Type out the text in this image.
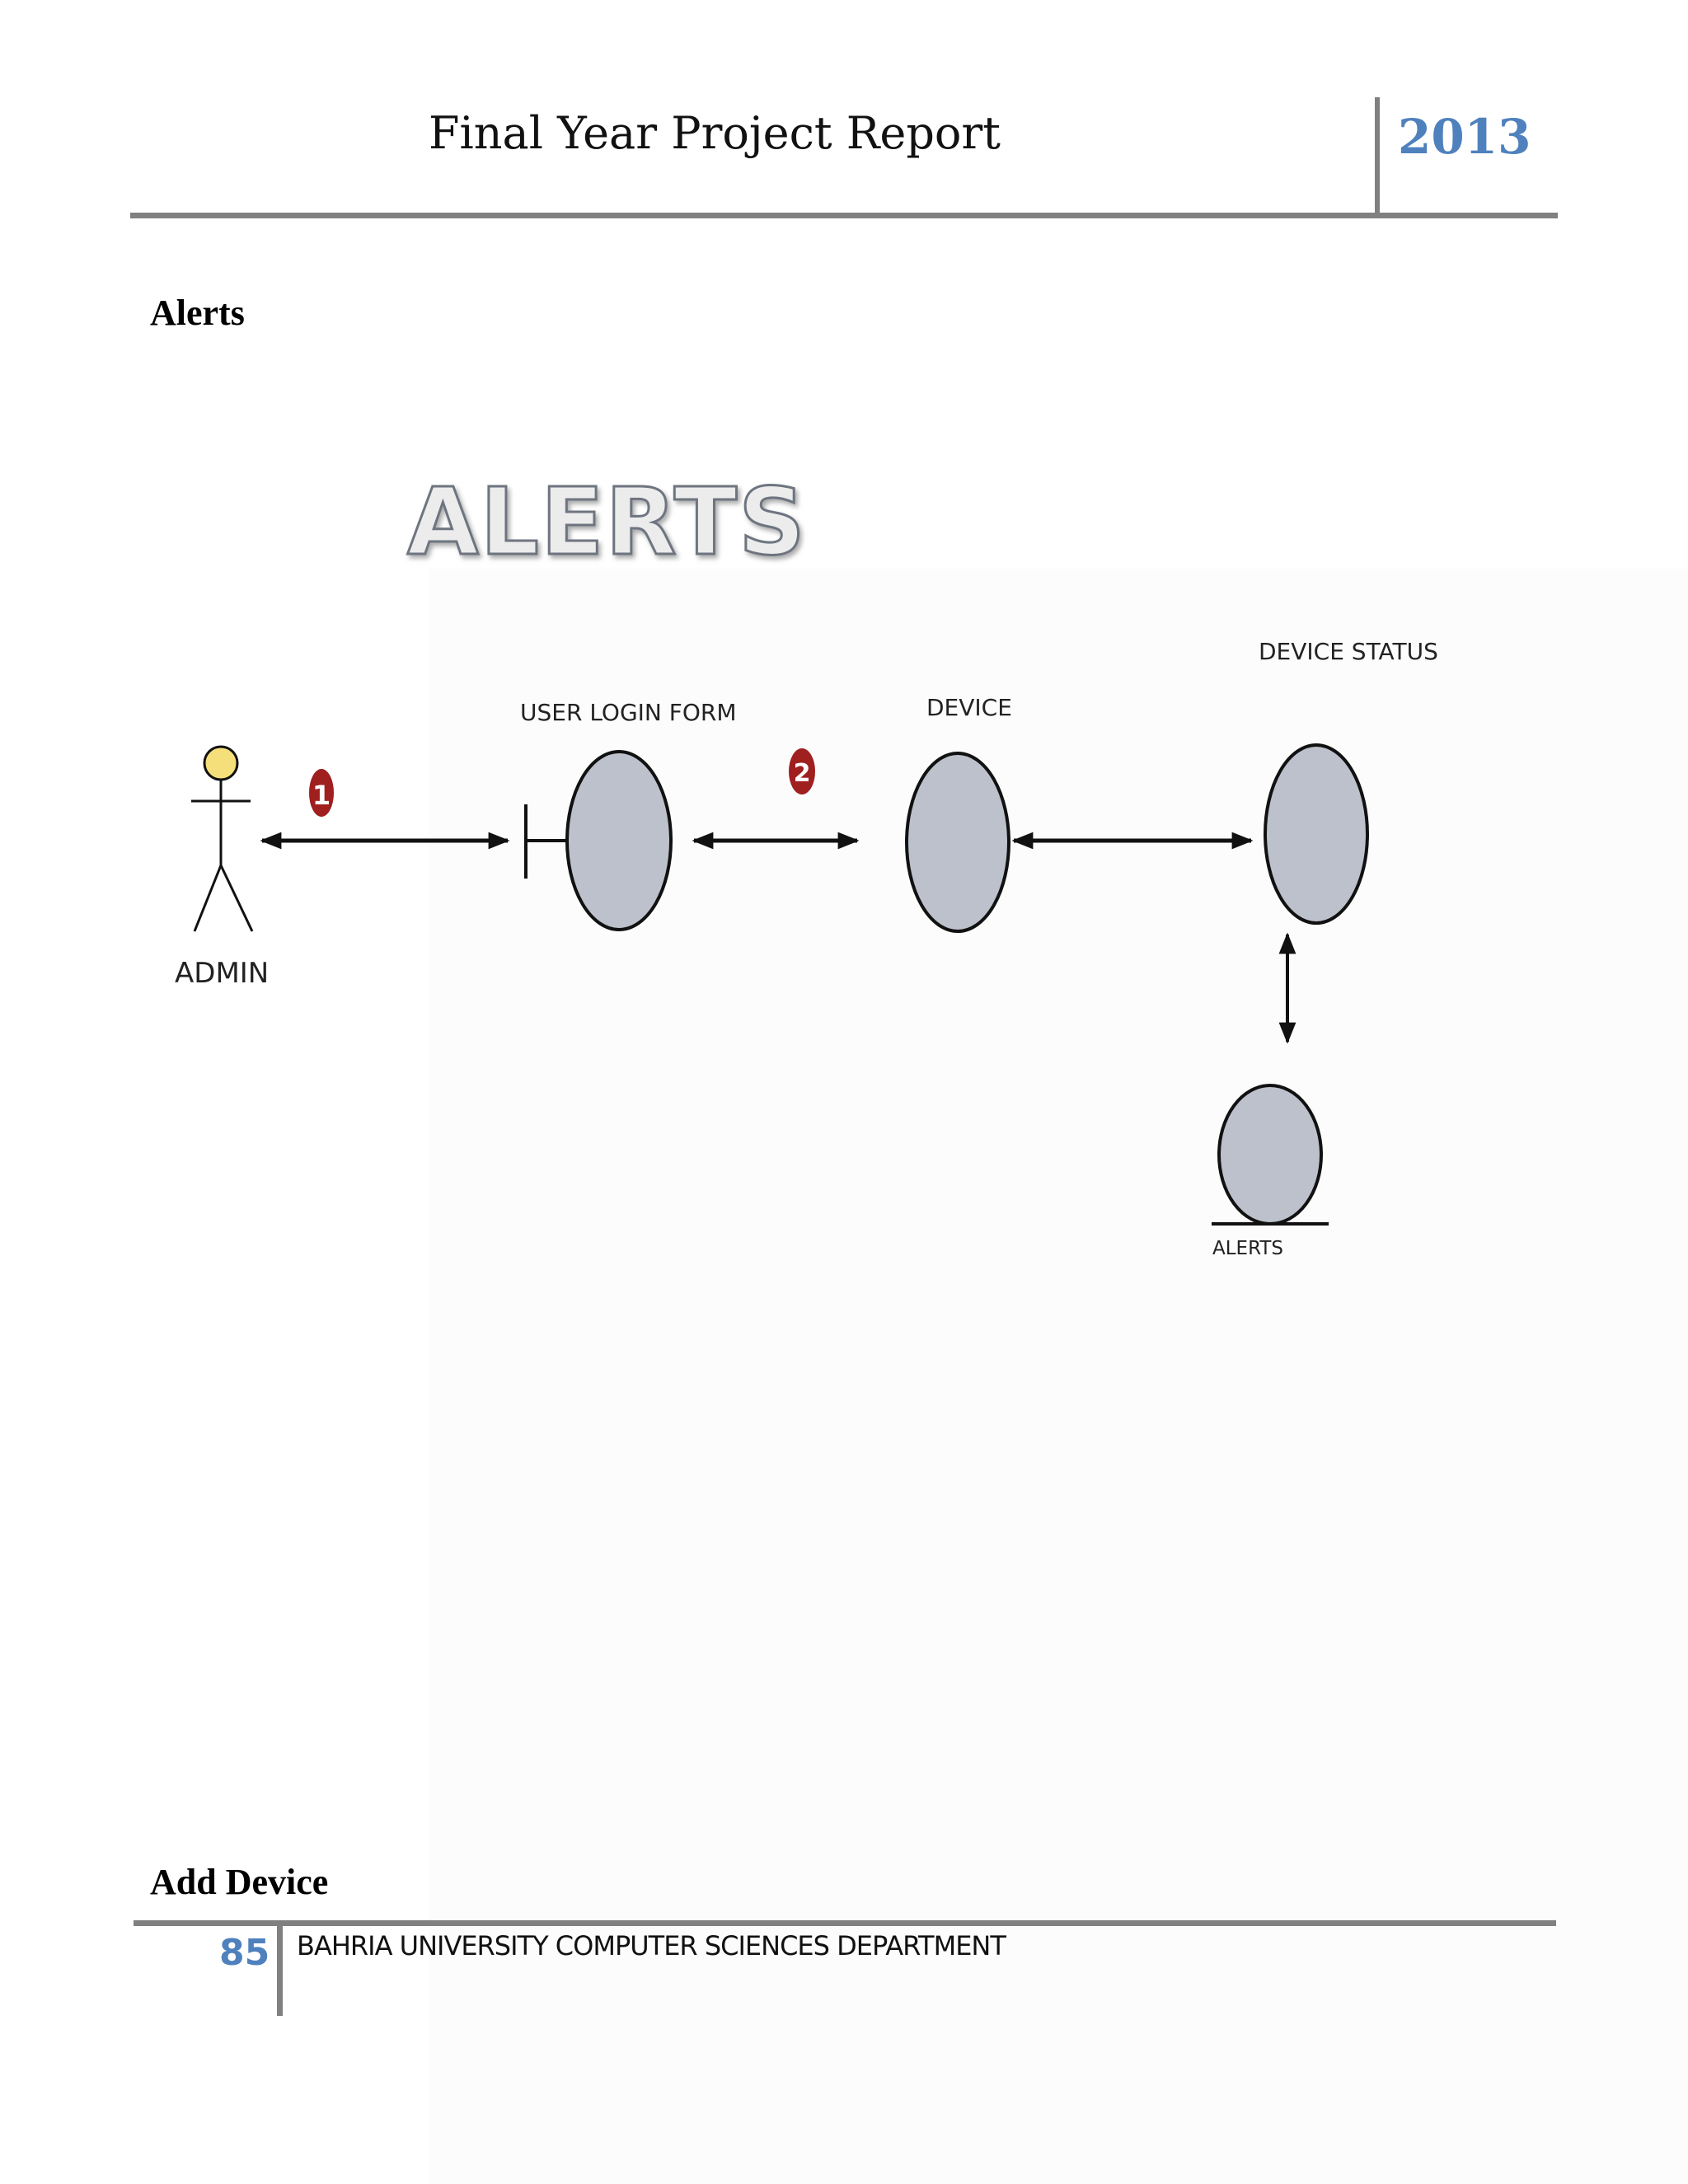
Final Year Project Report	2013
Alerts
ALERTS
ADMIN
1
USER LOGIN FORM
2
DEVICE
DEVICE STATUS
ALERTS
Add Device
85 BAHRIA UNIVERSITY COMPUTER SCIENCES DEPARTMENT
